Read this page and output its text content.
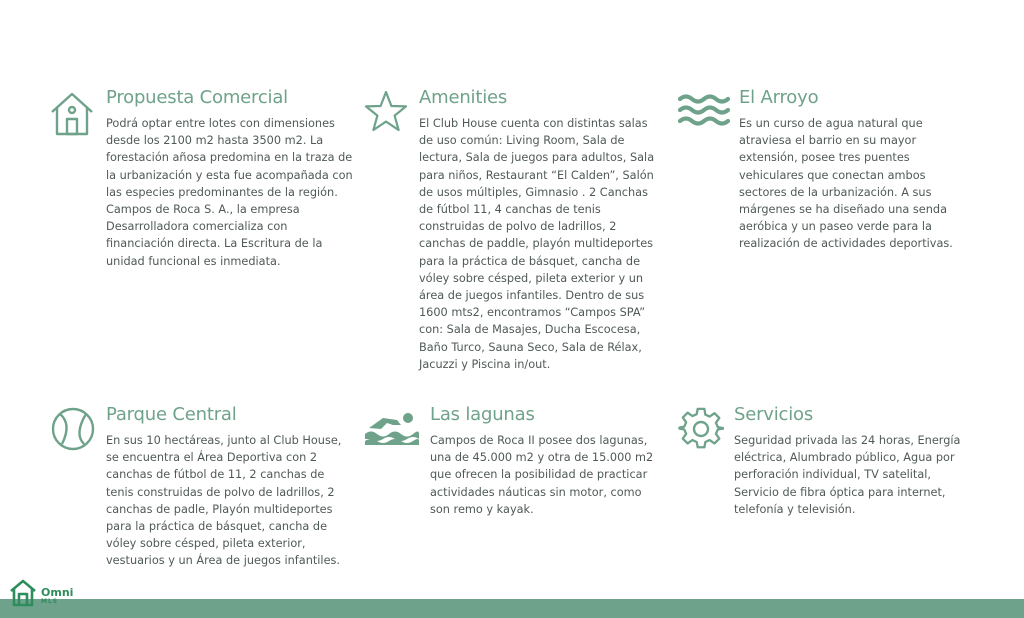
Propuesta Comercial

Podrá optar entre lotes con dimensiones desde los 2100 m2 hasta 3500 m2. La forestación añosa predomina en la traza de la urbanización y esta fue acompañada con las especies predominantes de la región. Campos de Roca S. A., la empresa Desarrolladora comercializa con financiación directa. La Escritura de la unidad funcional es inmediata.

Amenities

El Club House cuenta con distintas salas de uso común: Living Room, Sala de lectura, Sala de juegos para adultos, Sala para niños, Restaurant “El Calden”, Salón de usos múltiples, Gimnasio . 2 Canchas de fútbol 11, 4 canchas de tenis construidas de polvo de ladrillos, 2 canchas de paddle, playón multideportes para la práctica de básquet, cancha de vóley sobre césped, pileta exterior y un área de juegos infantiles. Dentro de sus 1600 mts2, encontramos “Campos SPA” con: Sala de Masajes, Ducha Escocesa, Baño Turco, Sauna Seco, Sala de Rélax, Jacuzzi y Piscina in/out.

El Arroyo

Es un curso de agua natural que atraviesa el barrio en su mayor extensión, posee tres puentes vehiculares que conectan ambos sectores de la urbanización. A sus márgenes se ha diseñado una senda aeróbica y un paseo verde para la realización de actividades deportivas.

Parque Central

En sus 10 hectáreas, junto al Club House, se encuentra el Área Deportiva con 2 canchas de fútbol de 11, 2 canchas de tenis construidas de polvo de ladrillos, 2 canchas de padle, Playón multideportes para la práctica de básquet, cancha de vóley sobre césped, pileta exterior, vestuarios y un Área de juegos infantiles.

Las lagunas

Campos de Roca II posee dos lagunas, una de 45.000 m2 y otra de 15.000 m2 que ofrecen la posibilidad de practicar actividades náuticas sin motor, como son remo y kayak.

Servicios

Seguridad privada las 24 horas, Energía eléctrica, Alumbrado público, Agua por perforación individual, TV satelital, Servicio de fibra óptica para internet, telefonía y televisión.

Omni
MLS
